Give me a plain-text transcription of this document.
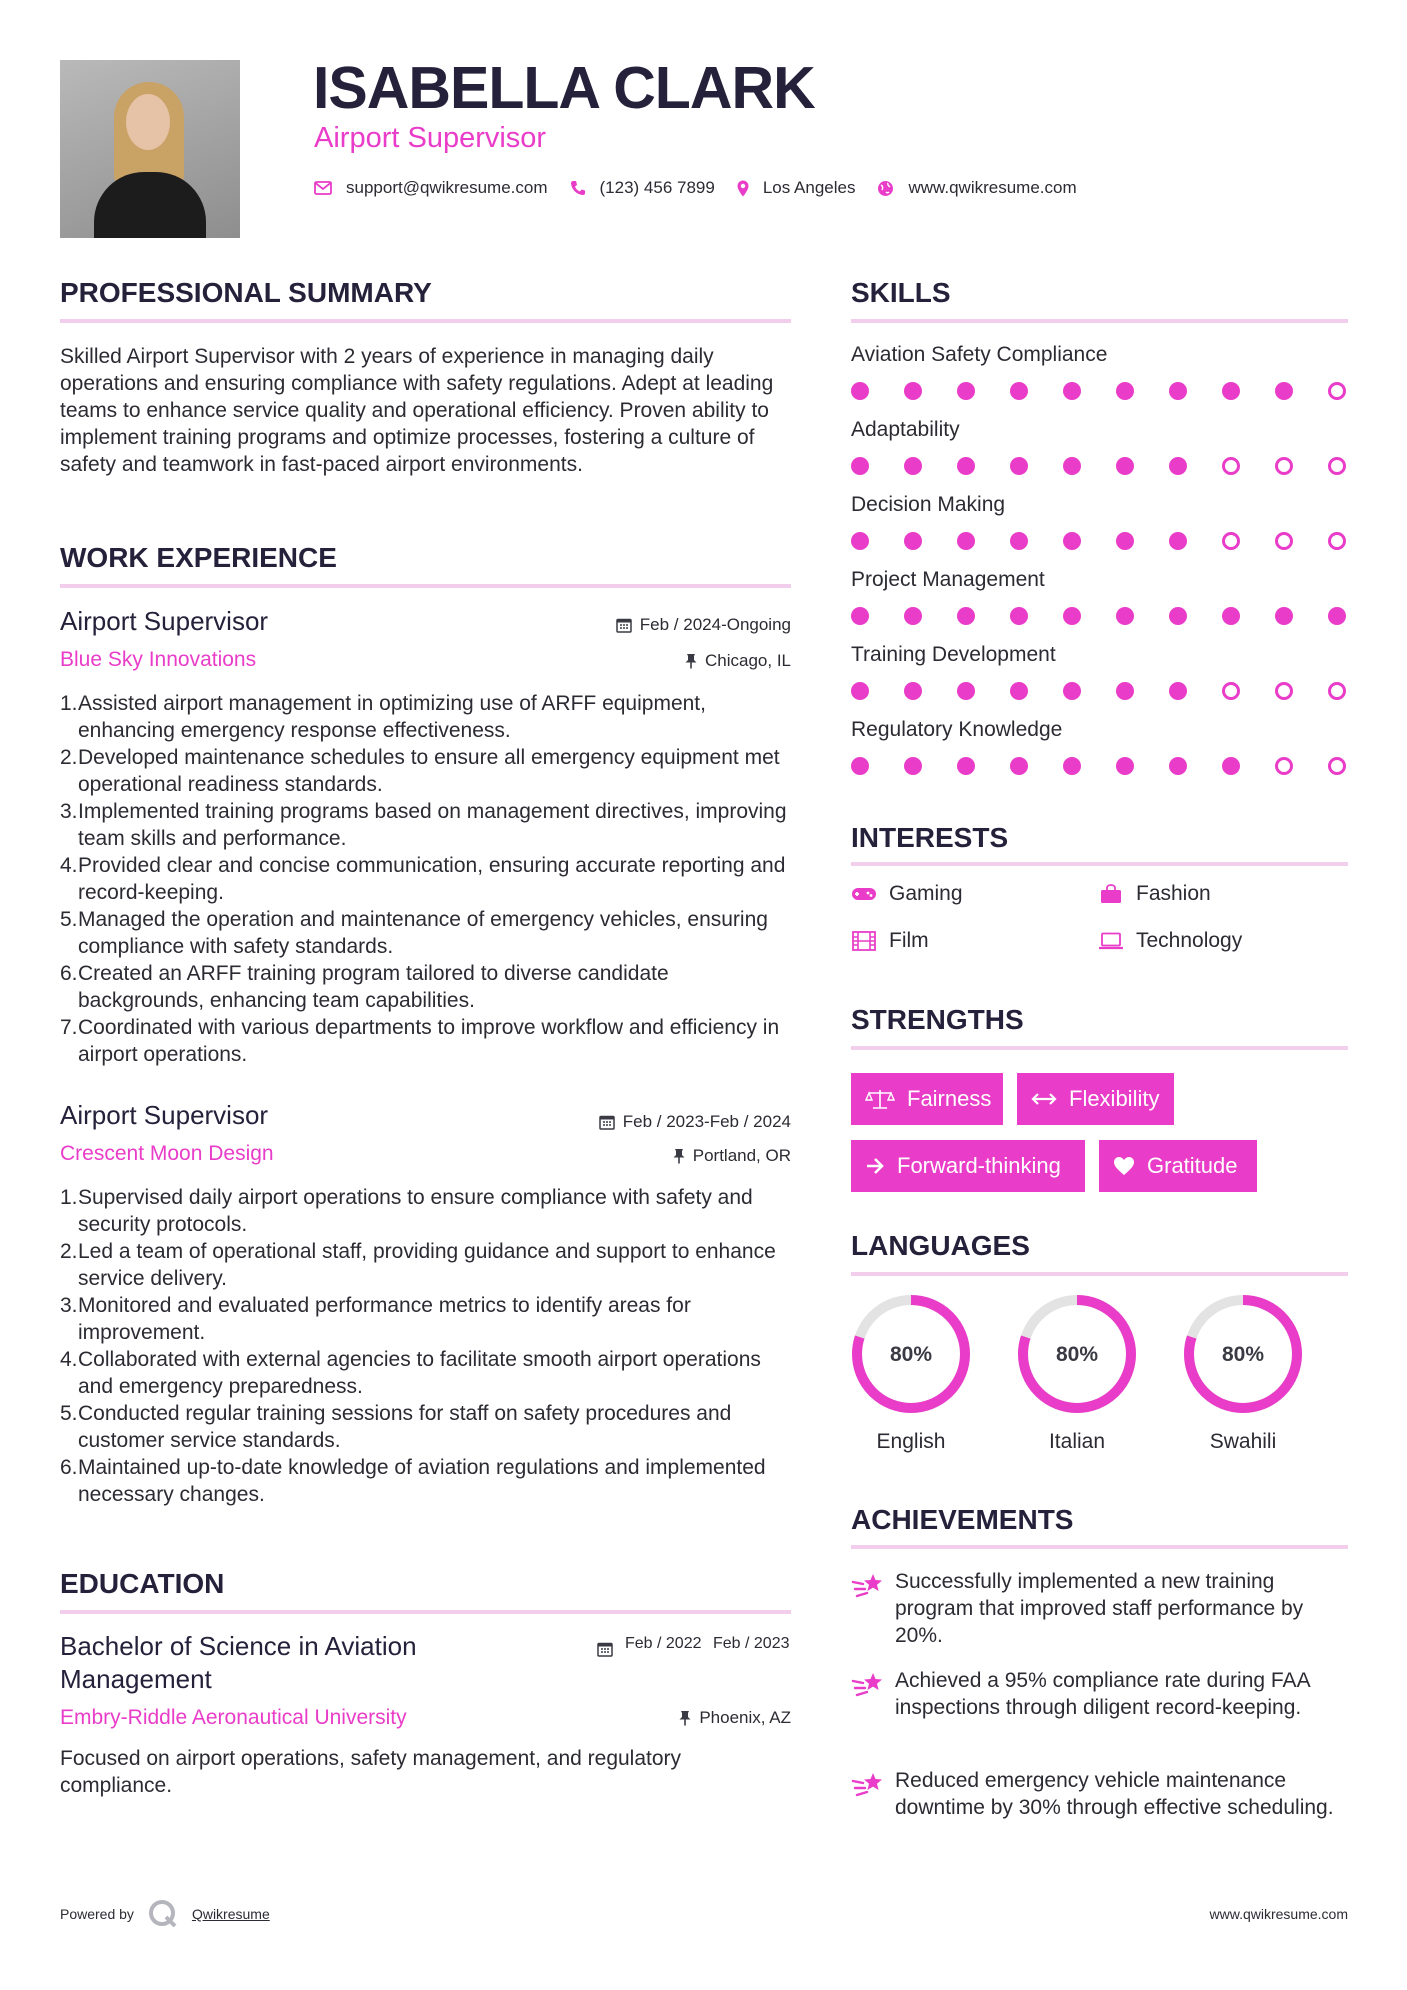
ISABELLA CLARK
Airport Supervisor
support@qwikresume.com	(123) 456 7899	Los Angeles	www.qwikresume.com
PROFESSIONAL SUMMARY
Skilled Airport Supervisor with 2 years of experience in managing daily operations and ensuring compliance with safety regulations. Adept at leading teams to enhance service quality and operational efficiency. Proven ability to implement training programs and optimize processes, fostering a culture of safety and teamwork in fast-paced airport environments.
WORK EXPERIENCE
Airport Supervisor	Feb / 2024-Ongoing
Blue Sky Innovations	Chicago, IL
1. Assisted airport management in optimizing use of ARFF equipment, enhancing emergency response effectiveness.
2. Developed maintenance schedules to ensure all emergency equipment met operational readiness standards.
3. Implemented training programs based on management directives, improving team skills and performance.
4. Provided clear and concise communication, ensuring accurate reporting and record-keeping.
5. Managed the operation and maintenance of emergency vehicles, ensuring compliance with safety standards.
6. Created an ARFF training program tailored to diverse candidate backgrounds, enhancing team capabilities.
7. Coordinated with various departments to improve workflow and efficiency in airport operations.
Airport Supervisor	Feb / 2023-Feb / 2024
Crescent Moon Design	Portland, OR
1. Supervised daily airport operations to ensure compliance with safety and security protocols.
2. Led a team of operational staff, providing guidance and support to enhance service delivery.
3. Monitored and evaluated performance metrics to identify areas for improvement.
4. Collaborated with external agencies to facilitate smooth airport operations and emergency preparedness.
5. Conducted regular training sessions for staff on safety procedures and customer service standards.
6. Maintained up-to-date knowledge of aviation regulations and implemented necessary changes.
EDUCATION
Bachelor of Science in Aviation Management
Feb / 2022 Feb / 2023
Embry-Riddle Aeronautical University	Phoenix, AZ
Focused on airport operations, safety management, and regulatory compliance.
SKILLS
Aviation Safety Compliance
Adaptability
Decision Making
Project Management
Training Development
Regulatory Knowledge
INTERESTS
Gaming	Fashion
Film	Technology
STRENGTHS
Fairness	Flexibility
Forward-thinking	Gratitude
LANGUAGES
80%
English
80%
Italian
80%
Swahili
ACHIEVEMENTS
Successfully implemented a new training program that improved staff performance by 20%.
Achieved a 95% compliance rate during FAA inspections through diligent record-keeping.
Reduced emergency vehicle maintenance downtime by 30% through effective scheduling.
Powered by	Qwikresume	www.qwikresume.com
